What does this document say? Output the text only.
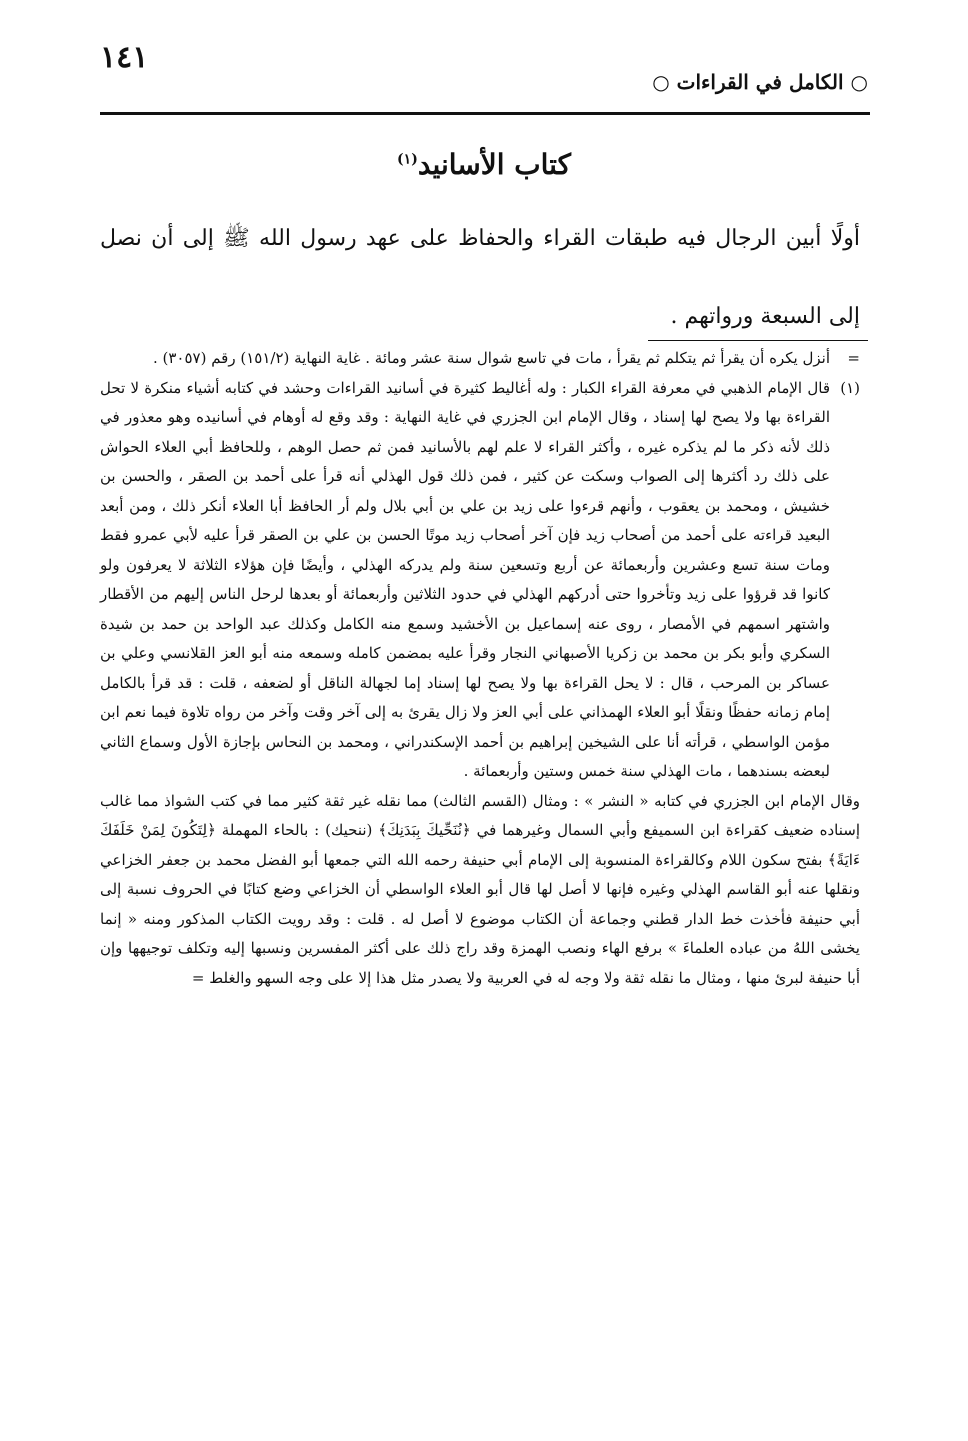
١٤١
○ الكامل في القراءات ○
كتاب الأسانيد$^{(١)}$
أولًا أبين الرجال فيه طبقات القراء والحفاظ على عهد رسول الله ﷺ إلى أن نصل إلى السبعة ورواتهم .
=

أنزل يكره أن يقرأ ثم يتكلم ثم يقرأ ، مات في تاسع شوال سنة عشر ومائة . غاية النهاية (١٥١/٢) رقم (٣٠٥٧) .

(١)

قال الإمام الذهبي في معرفة القراء الكبار : وله أغاليط كثيرة في أسانيد القراءات وحشد في كتابه أشياء منكرة لا تحل القراءة بها ولا يصح لها إسناد ، وقال الإمام ابن الجزري في غاية النهاية : وقد وقع له أوهام في أسانيده وهو معذور في ذلك لأنه ذكر ما لم يذكره غيره ، وأكثر القراء لا علم لهم بالأسانيد فمن ثم حصل الوهم ، وللحافظ أبي العلاء الحواش على ذلك رد أكثرها إلى الصواب وسكت عن كثير ، فمن ذلك قول الهذلي أنه قرأ على أحمد بن الصقر ، والحسن بن خشيش ، ومحمد بن يعقوب ، وأنهم قرءوا على زيد بن علي بن أبي بلال ولم أر الحافظ أبا العلاء أنكر ذلك ، ومن أبعد البعيد قراءته على أحمد من أصحاب زيد فإن آخر أصحاب زيد موتًا الحسن بن علي بن الصقر قرأ عليه لأبي عمرو فقط ومات سنة تسع وعشرين وأربعمائة عن أربع وتسعين سنة ولم يدركه الهذلي ، وأيضًا فإن هؤلاء الثلاثة لا يعرفون ولو كانوا قد قرؤوا على زيد وتأخروا حتى أدركهم الهذلي في حدود الثلاثين وأربعمائة أو بعدها لرحل الناس إليهم من الأقطار واشتهر اسمهم في الأمصار ، روى عنه إسماعيل بن الأخشيد وسمع منه الكامل وكذلك عبد الواحد بن حمد بن شيدة السكري وأبو بكر بن محمد بن زكريا الأصبهاني النجار وقرأ عليه بمضمن كامله وسمعه منه أبو العز القلانسي وعلي بن عساكر بن المرحب ، قال : لا يحل القراءة بها ولا يصح لها إسناد إما لجهالة الناقل أو لضعفه ، قلت : قد قرأ بالكامل إمام زمانه حفظًا ونقلًا أبو العلاء الهمذاني على أبي العز ولا زال يقرئ به إلى آخر وقت وآخر من رواه تلاوة فيما نعم ابن مؤمن الواسطي ، قرأته أنا على الشيخين إبراهيم بن أحمد الإسكندراني ، ومحمد بن النحاس بإجازة الأول وسماع الثاني لبعضه بسندهما ، مات الهذلي سنة خمس وستين وأربعمائة .

وقال الإمام ابن الجزري في كتابه « النشر » : ومثال (القسم الثالث) مما نقله غير ثقة كثير مما في كتب الشواذ مما غالب إسناده ضعيف كقراءة ابن السميفع وأبي السمال وغيرهما في ﴿نُنَحِّيكَ بِبَدَنِكَ﴾ (ننحيك) : بالحاء المهملة ﴿لِتَكُونَ لِمَنْ خَلَفَكَ ءَايَةً﴾ بفتح سكون اللام وكالقراءة المنسوبة إلى الإمام أبي حنيفة رحمه الله التي جمعها أبو الفضل محمد بن جعفر الخزاعي ونقلها عنه أبو القاسم الهذلي وغيره فإنها لا أصل لها قال أبو العلاء الواسطي أن الخزاعي وضع كتابًا في الحروف نسبة إلى أبي حنيفة فأخذت خط الدار قطني وجماعة أن الكتاب موضوع لا أصل له . قلت : وقد رويت الكتاب المذكور ومنه « إنما يخشى اللهُ من عباده العلماءَ » برفع الهاء ونصب الهمزة وقد راج ذلك على أكثر المفسرين ونسبها إليه وتكلف توجيهها وإن أبا حنيفة لبرئ منها ، ومثال ما نقله ثقة ولا وجه له في العربية ولا يصدر مثل هذا إلا على وجه السهو والغلط =
